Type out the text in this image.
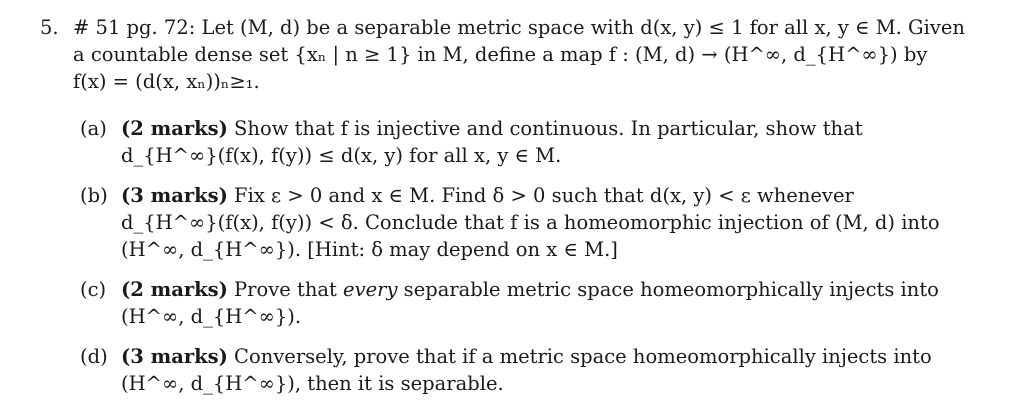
5. # 51 pg. 72: Let (M, d) be a separable metric space with d(x, y) ≤ 1 for all x, y ∈ M. Given
a countable dense set {xₙ | n ≥ 1} in M, define a map f : (M, d) → (H^∞, d_{H^∞}) by
f(x) = (d(x, xₙ))ₙ≥₁.
(a) (2 marks) Show that f is injective and continuous. In particular, show that
d_{H^∞}(f(x), f(y)) ≤ d(x, y) for all x, y ∈ M.
(b) (3 marks) Fix ε > 0 and x ∈ M. Find δ > 0 such that d(x, y) < ε whenever
d_{H^∞}(f(x), f(y)) < δ. Conclude that f is a homeomorphic injection of (M, d) into
(H^∞, d_{H^∞}). [Hint: δ may depend on x ∈ M.]
(c) (2 marks) Prove that every separable metric space homeomorphically injects into
(H^∞, d_{H^∞}).
(d) (3 marks) Conversely, prove that if a metric space homeomorphically injects into
(H^∞, d_{H^∞}), then it is separable.
